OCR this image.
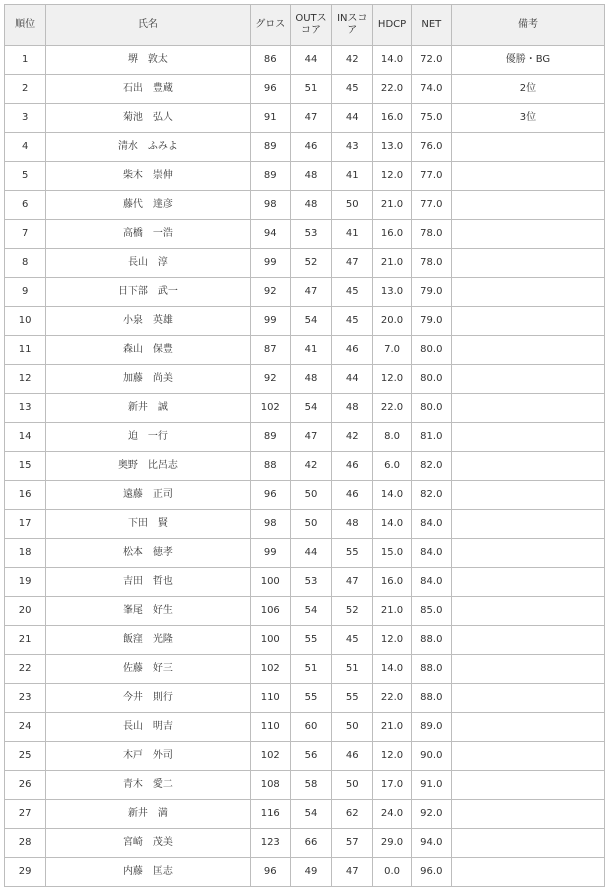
順位	氏名	グロス	OUTスコア	INスコア	HDCP	NET	備考
1	堺　敦太	86	44	42	14.0	72.0	優勝・BG
2	石出　豊蔵	96	51	45	22.0	74.0	2位
3	菊池　弘人	91	47	44	16.0	75.0	3位
4	清水　ふみよ	89	46	43	13.0	76.0	
5	柴木　崇伸	89	48	41	12.0	77.0	
6	藤代　達彦	98	48	50	21.0	77.0	
7	高橋　一浩	94	53	41	16.0	78.0	
8	長山　淳	99	52	47	21.0	78.0	
9	日下部　武一	92	47	45	13.0	79.0	
10	小泉　英雄	99	54	45	20.0	79.0	
11	森山　保豊	87	41	46	7.0	80.0	
12	加藤　尚美	92	48	44	12.0	80.0	
13	新井　誠	102	54	48	22.0	80.0	
14	迫　一行	89	47	42	8.0	81.0	
15	奥野　比呂志	88	42	46	6.0	82.0	
16	遠藤　正司	96	50	46	14.0	82.0	
17	下田　賢	98	50	48	14.0	84.0	
18	松本　徳孝	99	44	55	15.0	84.0	
19	吉田　哲也	100	53	47	16.0	84.0	
20	峯尾　好生	106	54	52	21.0	85.0	
21	飯窪　光隆	100	55	45	12.0	88.0	
22	佐藤　好三	102	51	51	14.0	88.0	
23	今井　則行	110	55	55	22.0	88.0	
24	長山　明吉	110	60	50	21.0	89.0	
25	木戸　外司	102	56	46	12.0	90.0	
26	青木　愛二	108	58	50	17.0	91.0	
27	新井　満	116	54	62	24.0	92.0	
28	宮崎　茂美	123	66	57	29.0	94.0	
29	内藤　匡志	96	49	47	0.0	96.0	
